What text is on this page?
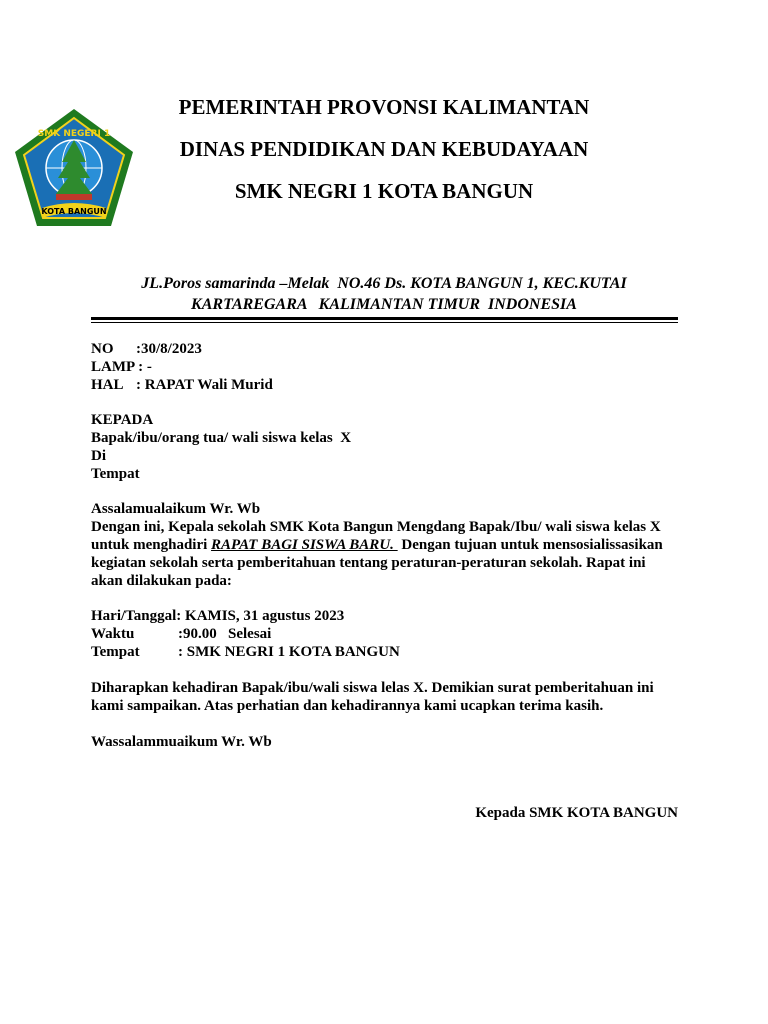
SMK NEGERI 1
KOTA BANGUN
PEMERINTAH PROVONSI KALIMANTAN
DINAS PENDIDIKAN DAN KEBUDAYAAN
SMK NEGRI 1 KOTA BANGUN
JL.Poros samarinda –Melak  NO.46 Ds. KOTA BANGUN 1, KEC.KUTAI
KARTAREGARA   KALIMANTAN TIMUR  INDONESIA
NO :30/8/2023
LAMP : -
HAL : RAPAT Wali Murid
KEPADA
Bapak/ibu/orang tua/ wali siswa kelas  X
Di
Tempat
Assalamualaikum Wr. Wb
Dengan ini, Kepala sekolah SMK Kota Bangun Mengdang Bapak/Ibu/ wali siswa kelas X
untuk menghadiri RAPAT BAGI SISWA BARU.  Dengan tujuan untuk mensosialissasikan
kegiatan sekolah serta pemberitahuan tentang peraturan-peraturan sekolah. Rapat ini
akan dilakukan pada:
Hari/Tanggal: KAMIS, 31 agustus 2023
Waktu	:90.00   Selesai
Tempat	: SMK NEGRI 1 KOTA BANGUN
Diharapkan kehadiran Bapak/ibu/wali siswa lelas X. Demikian surat pemberitahuan ini
kami sampaikan. Atas perhatian dan kehadirannya kami ucapkan terima kasih.
Wassalammuaikum Wr. Wb
Kepada SMK KOTA BANGUN
